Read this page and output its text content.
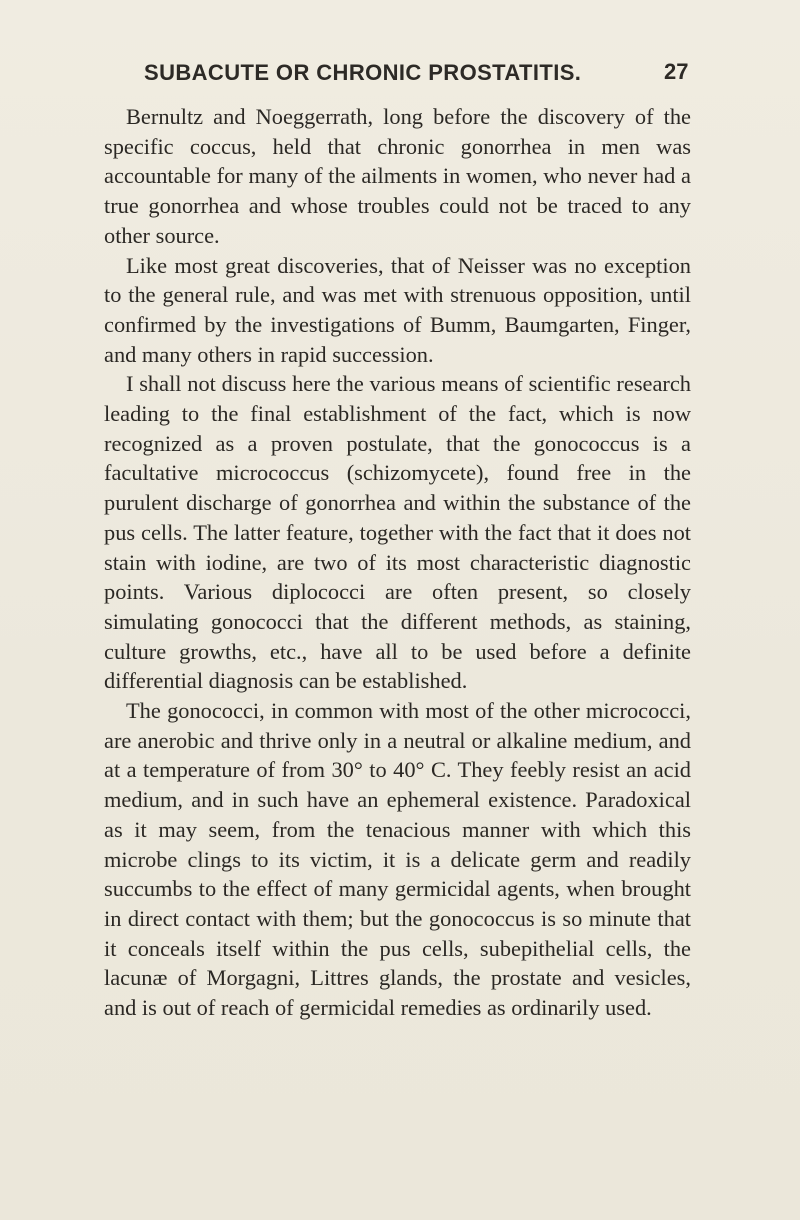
SUBACUTE OR CHRONIC PROSTATITIS.	27

Bernultz and Noeggerrath, long before the discovery of the specific coccus, held that chronic gonorrhea in men was accountable for many of the ailments in women, who never had a true gonorrhea and whose troubles could not be traced to any other source.

Like most great discoveries, that of Neisser was no exception to the general rule, and was met with strenuous opposition, until confirmed by the investigations of Bumm, Baumgarten, Finger, and many others in rapid succession.

I shall not discuss here the various means of scientific research leading to the final establishment of the fact, which is now recognized as a proven postulate, that the gonococcus is a facultative micrococcus (schizomycete), found free in the purulent discharge of gonorrhea and within the substance of the pus cells. The latter feature, together with the fact that it does not stain with iodine, are two of its most characteristic diagnostic points. Various diplococci are often present, so closely simulating gonococci that the different methods, as staining, culture growths, etc., have all to be used before a definite differential diagnosis can be established.

The gonococci, in common with most of the other micrococci, are anerobic and thrive only in a neutral or alkaline medium, and at a temperature of from 30° to 40° C. They feebly resist an acid medium, and in such have an ephemeral existence. Paradoxical as it may seem, from the tenacious manner with which this microbe clings to its victim, it is a delicate germ and readily succumbs to the effect of many germicidal agents, when brought in direct contact with them; but the gonococcus is so minute that it conceals itself within the pus cells, subepithelial cells, the lacunæ of Morgagni, Littres glands, the prostate and vesicles, and is out of reach of germicidal remedies as ordinarily used.
